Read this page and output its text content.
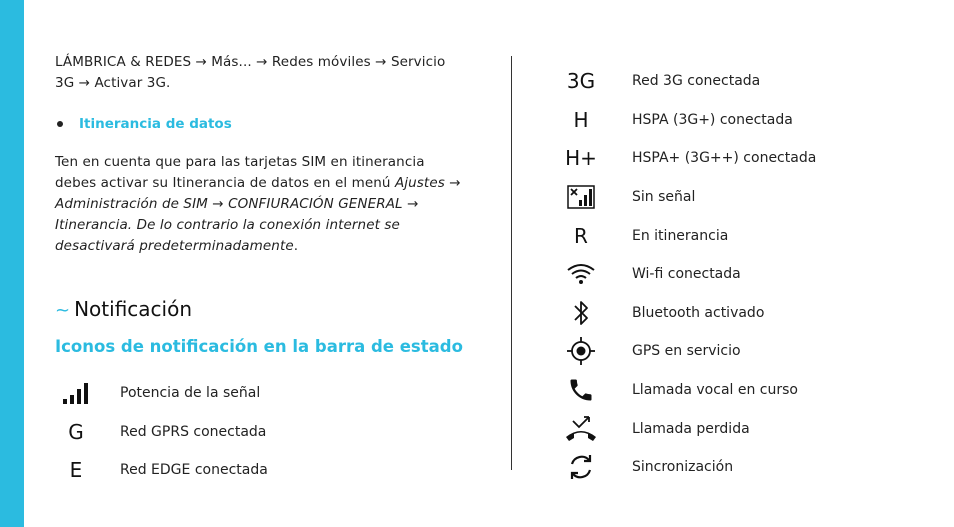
LÁMBRICA & REDES → Más... → Redes móviles → Servicio 3G → Activar 3G.

Itinerancia de datos

Ten en cuenta que para las tarjetas SIM en itinerancia debes activar su Itinerancia de datos en el menú Ajustes → Administración de SIM → CONFIURACIÓN GENERAL → Itinerancia. De lo contrario la conexión internet se desactivará predeterminadamente.

~ Notificación
Iconos de notificación en la barra de estado
Potencia de la señal
G	Red GPRS conectada
E	Red EDGE conectada
3G	Red 3G conectada
H	HSPA (3G+) conectada
H+	HSPA+ (3G++) conectada
Sin señal
R	En itinerancia
Wi-fi conectada
Bluetooth activado
GPS en servicio
Llamada vocal en curso
Llamada perdida
Sincronización
